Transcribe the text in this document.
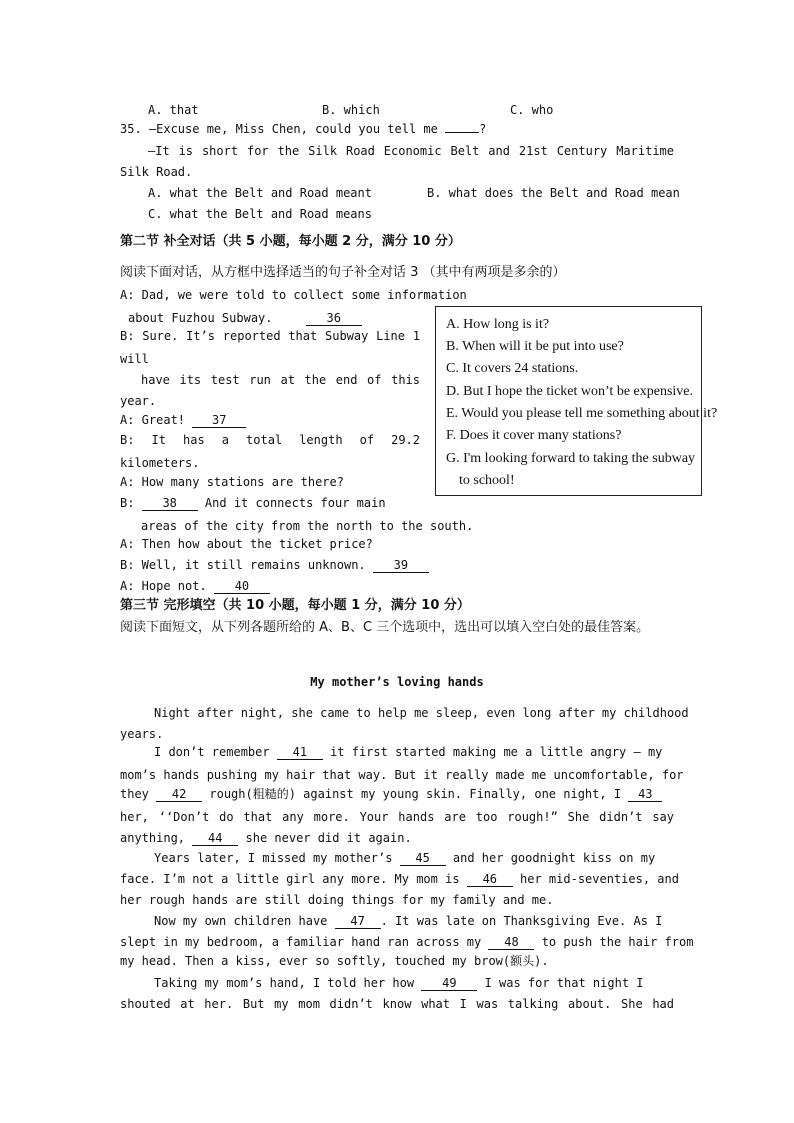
A. that	B. which	C. who
35. —Excuse me, Miss Chen, could you tell me	?
—It is short for the Silk Road Economic Belt and 21st Century Maritime
Silk Road.
A. what the Belt and Road meant	B. what does the Belt and Road mean
C. what the Belt and Road means
第二节 补全对话（共 5 小题，每小题 2 分，满分 10 分）
阅读下面对话，从方框中选择适当的句子补全对话 3 （其中有两项是多余的）
A: Dad, we were told to collect some information
about Fuzhou Subway.	36
B: Sure. It’s reported that Subway Line 1
will
have its test run at the end of this
year.
A: Great! 37
B: It has a total length of 29.2
kilometers.
A: How many stations are there?
B: 38 And it connects four main
areas of the city from the north to the south.
A: Then how about the ticket price?
B: Well, it still remains unknown. 39
A: Hope not. 40
A. How long is it?
B. When will it be put into use?
C. It covers 24 stations.
D. But I hope the ticket won’t be expensive.
E. Would you please tell me something about it?
F. Does it cover many stations?
G. I'm looking forward to taking the subway
to school!
第三节 完形填空（共 10 小题，每小题 1 分，满分 10 分）
阅读下面短文，从下列各题所给的 A、B、C 三个选项中，选出可以填入空白处的最佳答案。
My mother’s loving hands
Night after night, she came to help me sleep, even long after my childhood
years.
I don’t remember 41 it first started making me a little angry — my
mom’s hands pushing my hair that way. But it really made me uncomfortable, for
they 42 rough(粗糙的) against my young skin. Finally, one night, I 43
her, ‘‘Don’t do that any more. Your hands are too rough!” She didn’t say
anything, 44 she never did it again.
Years later, I missed my mother’s 45 and her goodnight kiss on my
face. I’m not a little girl any more. My mom is 46 her mid-seventies, and
her rough hands are still doing things for my family and me.
Now my own children have 47 . It was late on Thanksgiving Eve. As I
slept in my bedroom, a familiar hand ran across my 48 to push the hair from
my head. Then a kiss, ever so softly, touched my brow(额头).
Taking my mom’s hand, I told her how 49 I was for that night I
shouted at her. But my mom didn’t know what I was talking about. She had
